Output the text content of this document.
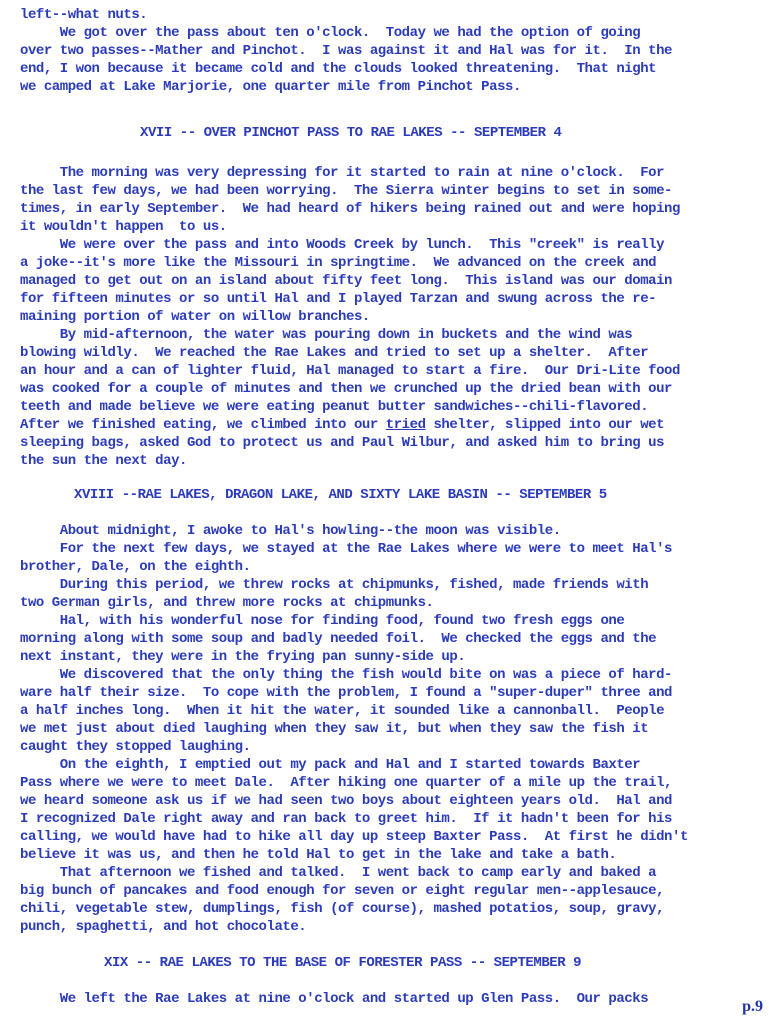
left--what nuts.
We got over the pass about ten o'clock.  Today we had the option of going
over two passes--Mather and Pinchot.  I was against it and Hal was for it.  In the
end, I won because it became cold and the clouds looked threatening.  That night
we camped at Lake Marjorie, one quarter mile from Pinchot Pass.
XVII -- OVER PINCHOT PASS TO RAE LAKES -- SEPTEMBER 4
The morning was very depressing for it started to rain at nine o'clock.  For
the last few days, we had been worrying.  The Sierra winter begins to set in some-
times, in early September.  We had heard of hikers being rained out and were hoping
it wouldn't happen  to us.
We were over the pass and into Woods Creek by lunch.  This "creek" is really
a joke--it's more like the Missouri in springtime.  We advanced on the creek and
managed to get out on an island about fifty feet long.  This island was our domain
for fifteen minutes or so until Hal and I played Tarzan and swung across the re-
maining portion of water on willow branches.
By mid-afternoon, the water was pouring down in buckets and the wind was
blowing wildly.  We reached the Rae Lakes and tried to set up a shelter.  After
an hour and a can of lighter fluid, Hal managed to start a fire.  Our Dri-Lite food
was cooked for a couple of minutes and then we crunched up the dried bean with our
teeth and made believe we were eating peanut butter sandwiches--chili-flavored.
After we finished eating, we climbed into our tried shelter, slipped into our wet
sleeping bags, asked God to protect us and Paul Wilbur, and asked him to bring us
the sun the next day.
XVIII --RAE LAKES, DRAGON LAKE, AND SIXTY LAKE BASIN -- SEPTEMBER 5
About midnight, I awoke to Hal's howling--the moon was visible.
For the next few days, we stayed at the Rae Lakes where we were to meet Hal's
brother, Dale, on the eighth.
During this period, we threw rocks at chipmunks, fished, made friends with
two German girls, and threw more rocks at chipmunks.
Hal, with his wonderful nose for finding food, found two fresh eggs one
morning along with some soup and badly needed foil.  We checked the eggs and the
next instant, they were in the frying pan sunny-side up.
We discovered that the only thing the fish would bite on was a piece of hard-
ware half their size.  To cope with the problem, I found a "super-duper" three and
a half inches long.  When it hit the water, it sounded like a cannonball.  People
we met just about died laughing when they saw it, but when they saw the fish it
caught they stopped laughing.
On the eighth, I emptied out my pack and Hal and I started towards Baxter
Pass where we were to meet Dale.  After hiking one quarter of a mile up the trail,
we heard someone ask us if we had seen two boys about eighteen years old.  Hal and
I recognized Dale right away and ran back to greet him.  If it hadn't been for his
calling, we would have had to hike all day up steep Baxter Pass.  At first he didn't
believe it was us, and then he told Hal to get in the lake and take a bath.
That afternoon we fished and talked.  I went back to camp early and baked a
big bunch of pancakes and food enough for seven or eight regular men--applesauce,
chili, vegetable stew, dumplings, fish (of course), mashed potatios, soup, gravy,
punch, spaghetti, and hot chocolate.
XIX -- RAE LAKES TO THE BASE OF FORESTER PASS -- SEPTEMBER 9
We left the Rae Lakes at nine o'clock and started up Glen Pass.  Our packs	p.9
